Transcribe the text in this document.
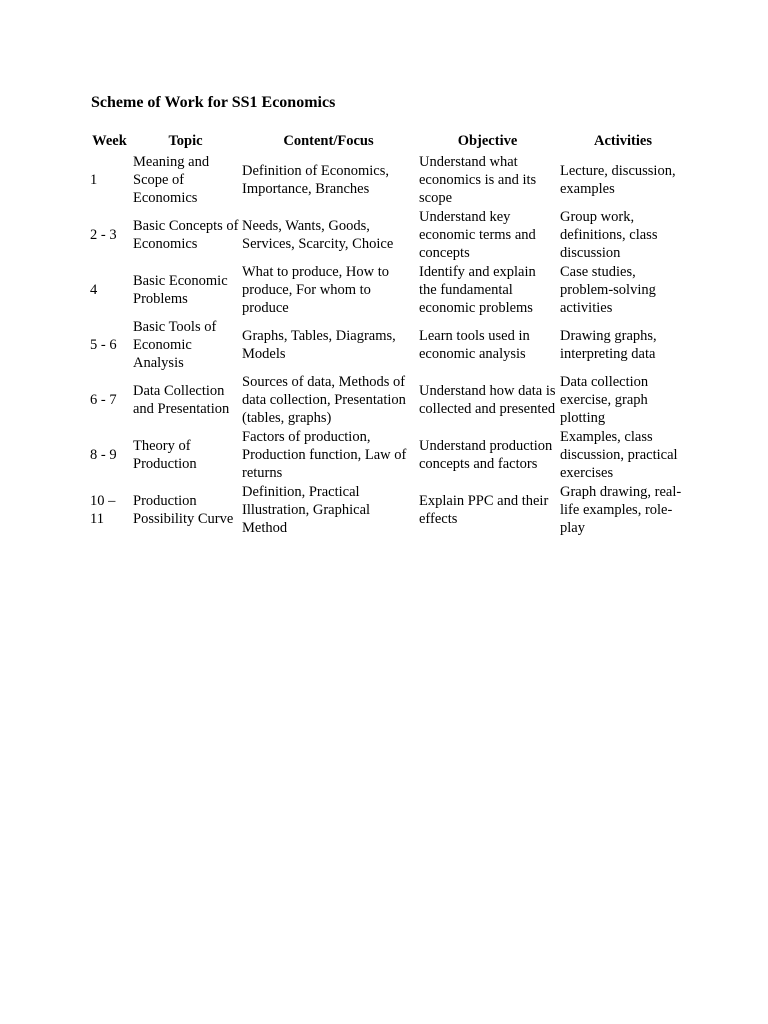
Scheme of Work for SS1 Economics
Week	Topic	Content/Focus	Objective	Activities
1	Meaning and Scope of Economics	Definition of Economics, Importance, Branches	Understand what economics is and its scope	Lecture, discussion, examples
2 - 3	Basic Concepts of Economics	Needs, Wants, Goods, Services, Scarcity, Choice	Understand key economic terms and concepts	Group work, definitions, class discussion
4	Basic Economic Problems	What to produce, How to produce, For whom to produce	Identify and explain the fundamental economic problems	Case studies, problem-solving activities
5 - 6	Basic Tools of Economic Analysis	Graphs, Tables, Diagrams, Models	Learn tools used in economic analysis	Drawing graphs, interpreting data
6 - 7	Data Collection and Presentation	Sources of data, Methods of data collection, Presentation (tables, graphs)	Understand how data is collected and presented	Data collection exercise, graph plotting
8 - 9	Theory of Production	Factors of production, Production function, Law of returns	Understand production concepts and factors	Examples, class discussion, practical exercises
10 – 11	Production Possibility Curve	Definition, Practical Illustration, Graphical Method	Explain PPC and their effects	Graph drawing, real-life examples, role-play
